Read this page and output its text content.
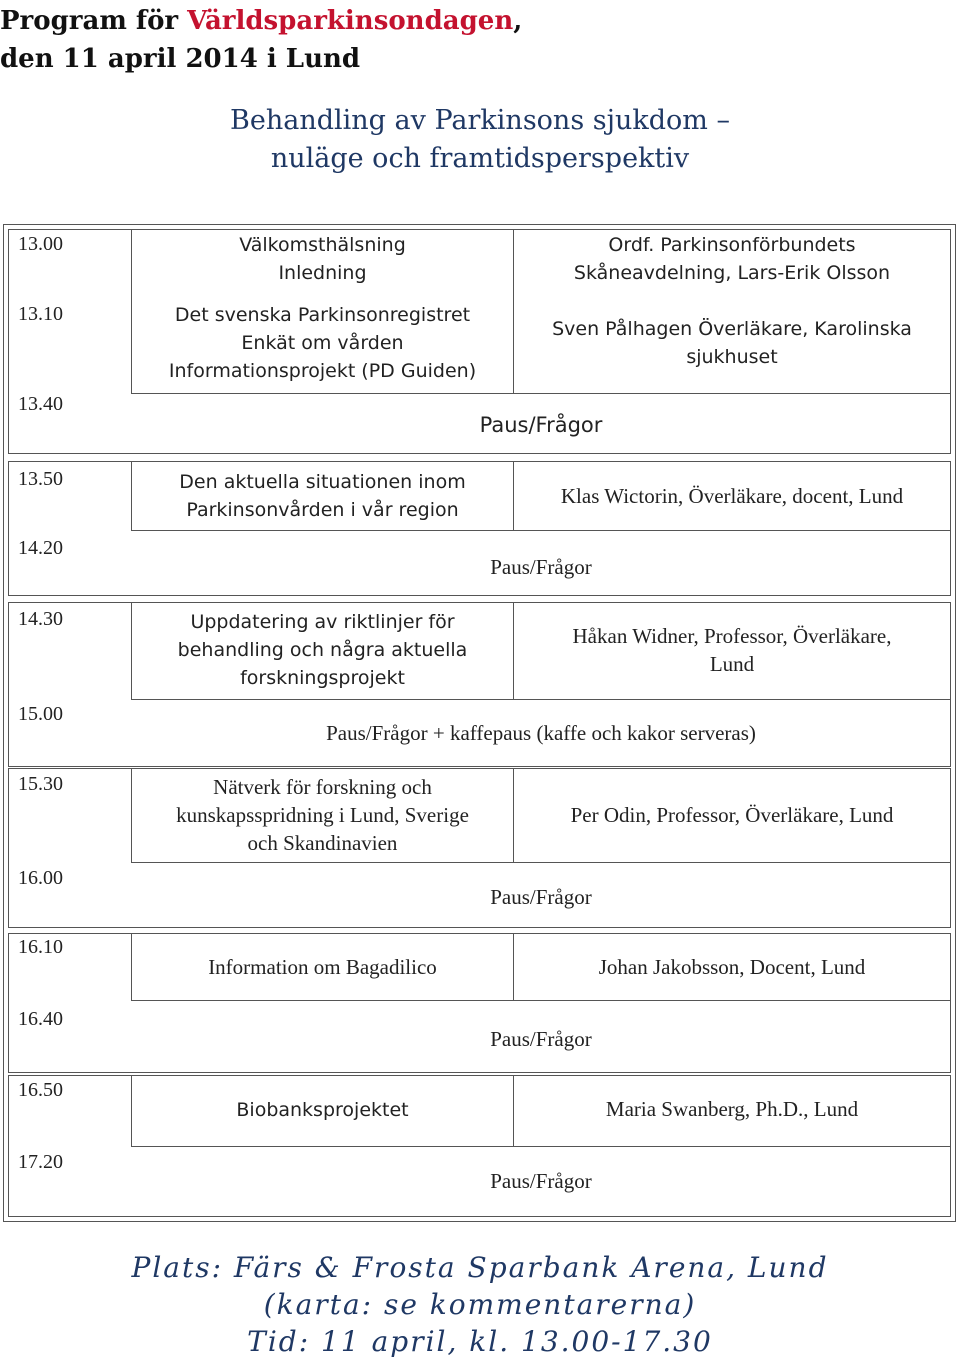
Program för Världsparkinsondagen,
den 11 april 2014 i Lund
Behandling av Parkinsons sjukdom –
nuläge och framtidsperspektiv
13.00
13.10
13.40
Välkomsthälsning
Inledning
Det svenska Parkinsonregistret
Enkät om vården
Informationsprojekt (PD Guiden)
Ordf. Parkinsonförbundets
Skåneavdelning, Lars-Erik Olsson
Sven Pålhagen Överläkare, Karolinska
sjukhuset
Paus/Frågor
13.50
14.20
Den aktuella situationen inom
Parkinsonvården i vår region
Klas Wictorin, Överläkare, docent, Lund
Paus/Frågor
14.30
15.00
Uppdatering av riktlinjer för
behandling och några aktuella
forskningsprojekt
Håkan Widner, Professor, Överläkare,
Lund
Paus/Frågor + kaffepaus (kaffe och kakor serveras)
15.30
16.00
Nätverk för forskning och
kunskapsspridning i Lund, Sverige
och Skandinavien
Per Odin, Professor, Överläkare, Lund
Paus/Frågor
16.10
16.40
Information om Bagadilico	Johan Jakobsson, Docent, Lund
Paus/Frågor
16.50
17.20
Biobanksprojektet	Maria Swanberg, Ph.D., Lund
Paus/Frågor
Plats: Färs & Frosta Sparbank Arena, Lund
(karta: se kommentarerna)
Tid: 11 april, kl. 13.00-17.30
